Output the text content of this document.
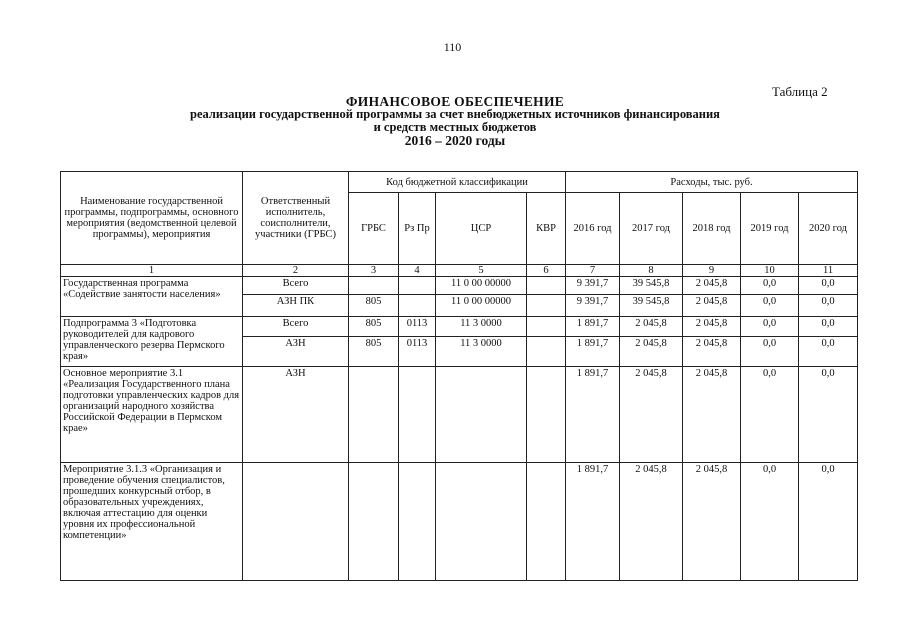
110
Таблица 2
ФИНАНСОВОЕ ОБЕСПЕЧЕНИЕ
реализации государственной программы за счет внебюджетных источников финансирования
и средств местных бюджетов
2016 – 2020 годы
Наименование государственной программы, подпрограммы, основного мероприятия (ведомственной целевой программы), мероприятия	Ответственный исполнитель, соисполнители, участники (ГРБС)	Код бюджетной классификации				Расходы, тыс. руб.				
		ГРБС	Рз Пр	ЦСР	КВР	2016 год	2017 год	2018 год	2019 год	2020 год
1	2	3	4	5	6	7	8	9	10	11
Государственная программа «Содействие занятости населения»	Всего			11 0 00 00000		9 391,7	39 545,8	2 045,8	0,0	0,0
	АЗН ПК	805		11 0 00 00000		9 391,7	39 545,8	2 045,8	0,0	0,0
Подпрограмма 3 «Подготовка руководителей для кадрового управленческого резерва Пермского края»	Всего	805	0113	11 3 0000		1 891,7	2 045,8	2 045,8	0,0	0,0
	АЗН	805	0113	11 3 0000		1 891,7	2 045,8	2 045,8	0,0	0,0
Основное мероприятие 3.1 «Реализация Государственного плана подготовки управленческих кадров для организаций народного хозяйства Российской Федерации в Пермском крае»	АЗН					1 891,7	2 045,8	2 045,8	0,0	0,0
Мероприятие 3.1.3 «Организация и проведение обучения специалистов, прошедших конкурсный отбор, в образовательных учреждениях, включая аттестацию для оценки уровня их профессиональной компетенции»						1 891,7	2 045,8	2 045,8	0,0	0,0
